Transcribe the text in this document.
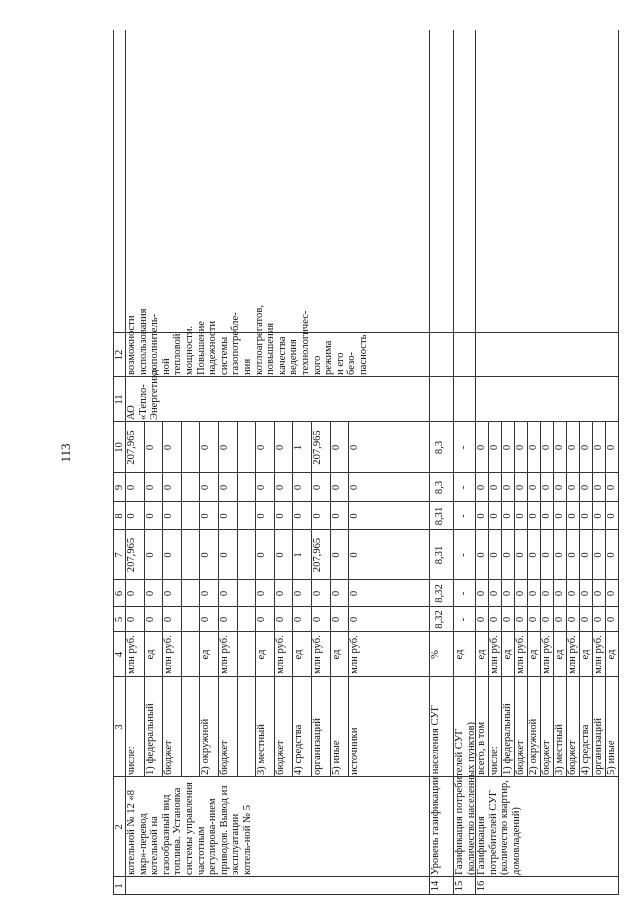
113
1
2
3
4
5
6
7
8
9
10
11
12
котельной № 12 «8 мкр»-перевод котельной на газообразный вид топлива. Установка системы управления частотным регулирова-нием приводов. Вывод из эксплуатации котель-ной № 5
АО «Тепло-Энергетик»
возможности использования дополнитель-ной тепловой мощности. Повышение надежности системы газопотребле-ния котлоагрегатов, повышения качества ведения технологичес-кого режима и его безо-пасность
числе:
млн руб.
0
0
207,965
0
0
207,965
1) федеральный
ед
0
0
0
0
0
0
бюджет
млн руб.
0
0
0
0
0
0
2) окружной
ед
0
0
0
0
0
0
бюджет
млн руб.
0
0
0
0
0
0
3) местный
ед
0
0
0
0
0
0
бюджет
млн руб.
0
0
0
0
0
0
4) средства
ед
0
0
1
0
0
1
организаций
млн руб.
0
0
207,965
0
0
207,965
5) иные
ед
0
0
0
0
0
0
источники
млн руб.
0
0
0
0
0
0
14
Уровень газификации населения СУГ
%
8,32
8,32
8,31
8,31
8,3
8,3
15
Газификация потребителей СУГ (количество населенных пунктов)
ед
-
-
-
-
-
-
16
Газификация потребителей СУГ (количество квартир, домовладений)
всего, в том
ед
0
0
0
0
0
0
числе:
млн руб.
0
0
0
0
0
0
1) федеральный
ед
0
0
0
0
0
0
бюджет
млн руб.
0
0
0
0
0
0
2) окружной
ед
0
0
0
0
0
0
бюджет
млн руб.
0
0
0
0
0
0
3) местный
ед
0
0
0
0
0
0
бюджет
млн руб.
0
0
0
0
0
0
4) средства
ед
0
0
0
0
0
0
организаций
млн руб.
0
0
0
0
0
0
5) иные
ед
0
0
0
0
0
0
